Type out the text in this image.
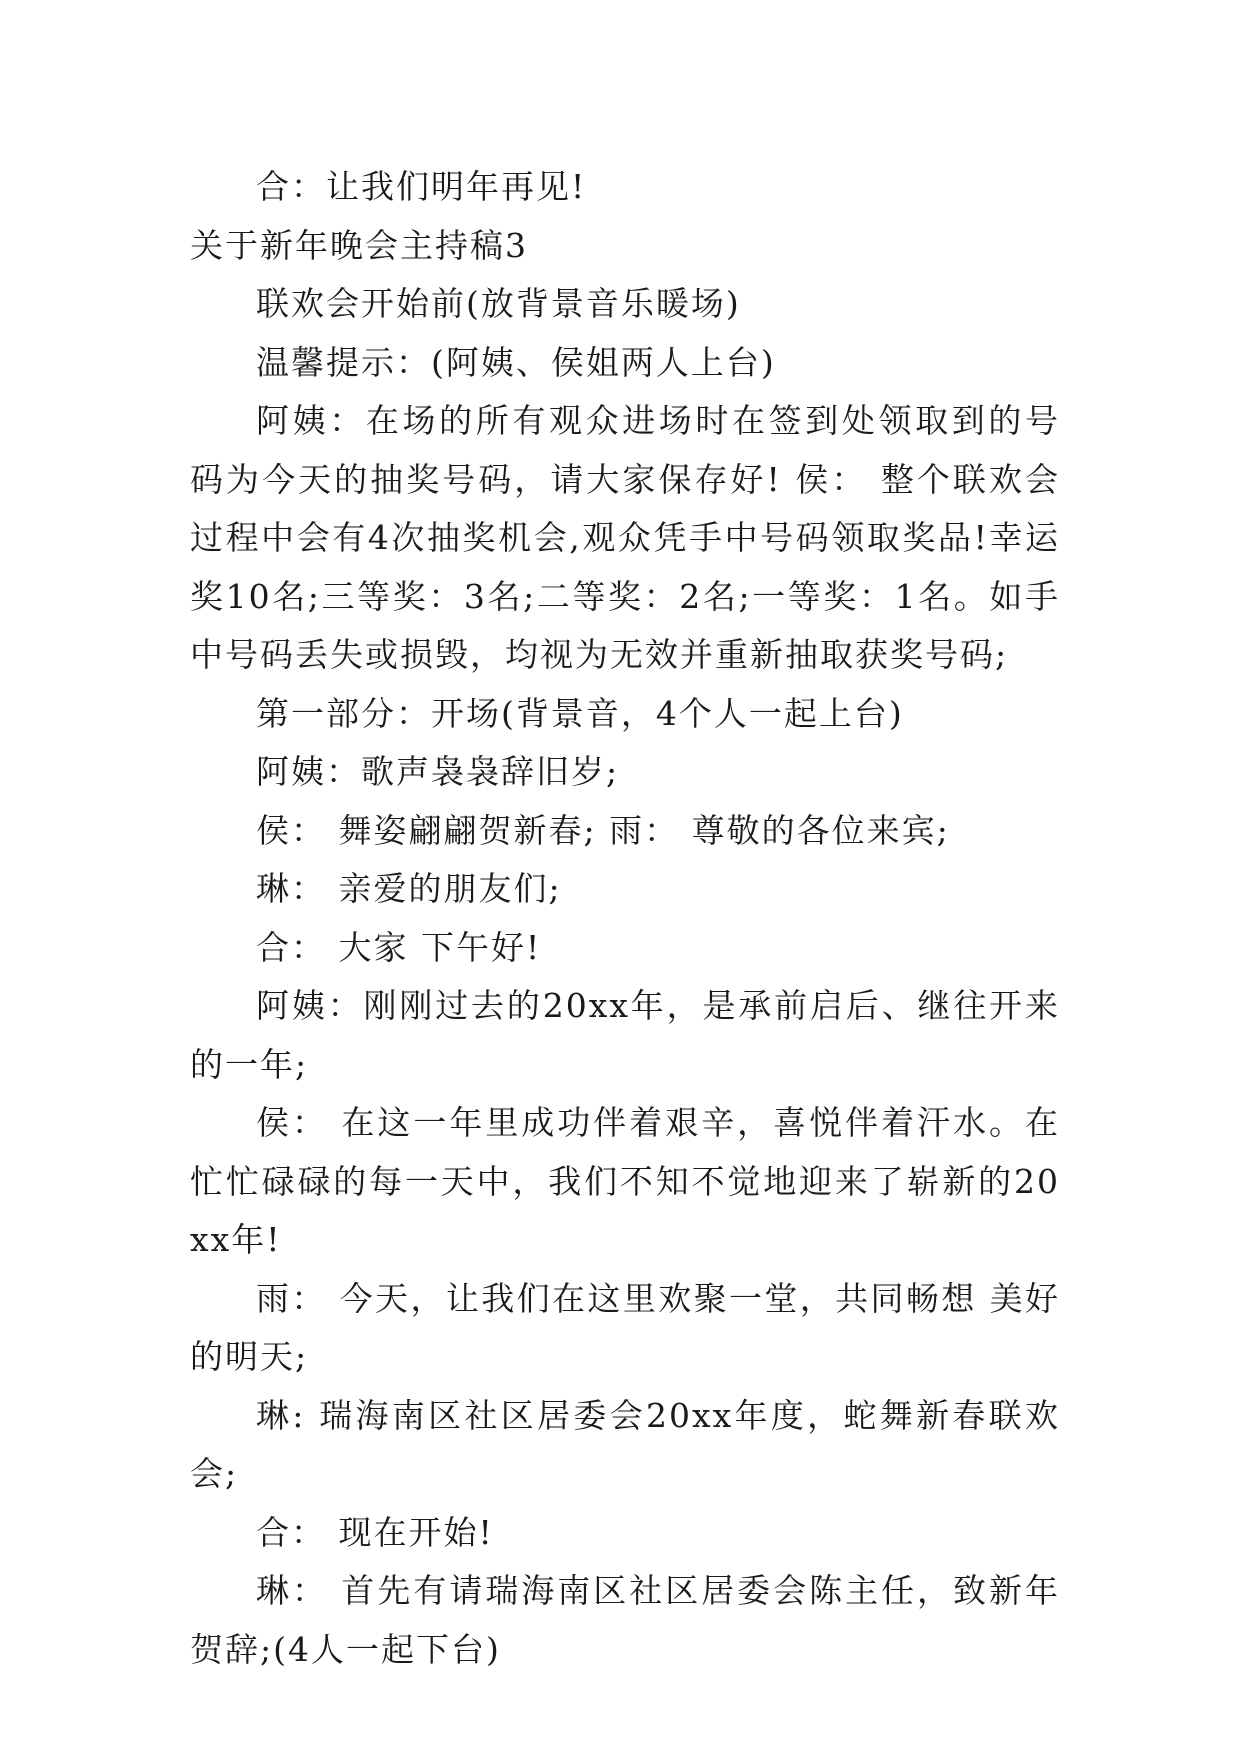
合：让我们明年再见!

关于新年晚会主持稿3

联欢会开始前(放背景音乐暖场)

温馨提示：(阿姨、侯姐两人上台)

阿姨：在场的所有观众进场时在签到处领取到的号码为今天的抽奖号码，请大家保存好! 侯： 整个联欢会过程中会有4次抽奖机会,观众凭手中号码领取奖品!幸运奖10名;三等奖：3名;二等奖：2名;一等奖：1名。如手中号码丢失或损毁，均视为无效并重新抽取获奖号码;

第一部分：开场(背景音，4个人一起上台)

阿姨：歌声袅袅辞旧岁;

侯： 舞姿翩翩贺新春; 雨： 尊敬的各位来宾;

琳： 亲爱的朋友们;

合： 大家 下午好!

阿姨：刚刚过去的20xx年，是承前启后、继往开来的一年;

侯： 在这一年里成功伴着艰辛，喜悦伴着汗水。在忙忙碌碌的每一天中，我们不知不觉地迎来了崭新的20xx年!

雨： 今天，让我们在这里欢聚一堂，共同畅想 美好的明天;

琳: 瑞海南区社区居委会20xx年度，蛇舞新春联欢会;

合： 现在开始!

琳： 首先有请瑞海南区社区居委会陈主任，致新年贺辞;(4人一起下台)
